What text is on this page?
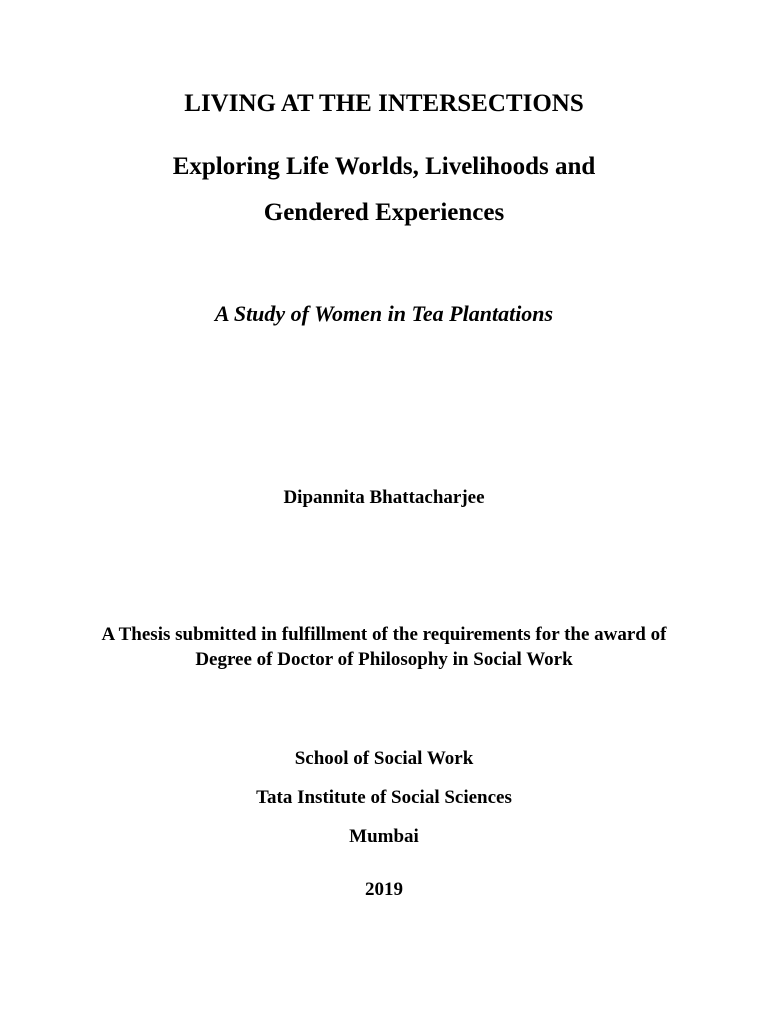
LIVING AT THE INTERSECTIONS
Exploring Life Worlds, Livelihoods and
Gendered Experiences

A Study of Women in Tea Plantations

Dipannita Bhattacharjee

A Thesis submitted in fulfillment of the requirements for the award of Degree of Doctor of Philosophy in Social Work

School of Social Work

Tata Institute of Social Sciences

Mumbai

2019
